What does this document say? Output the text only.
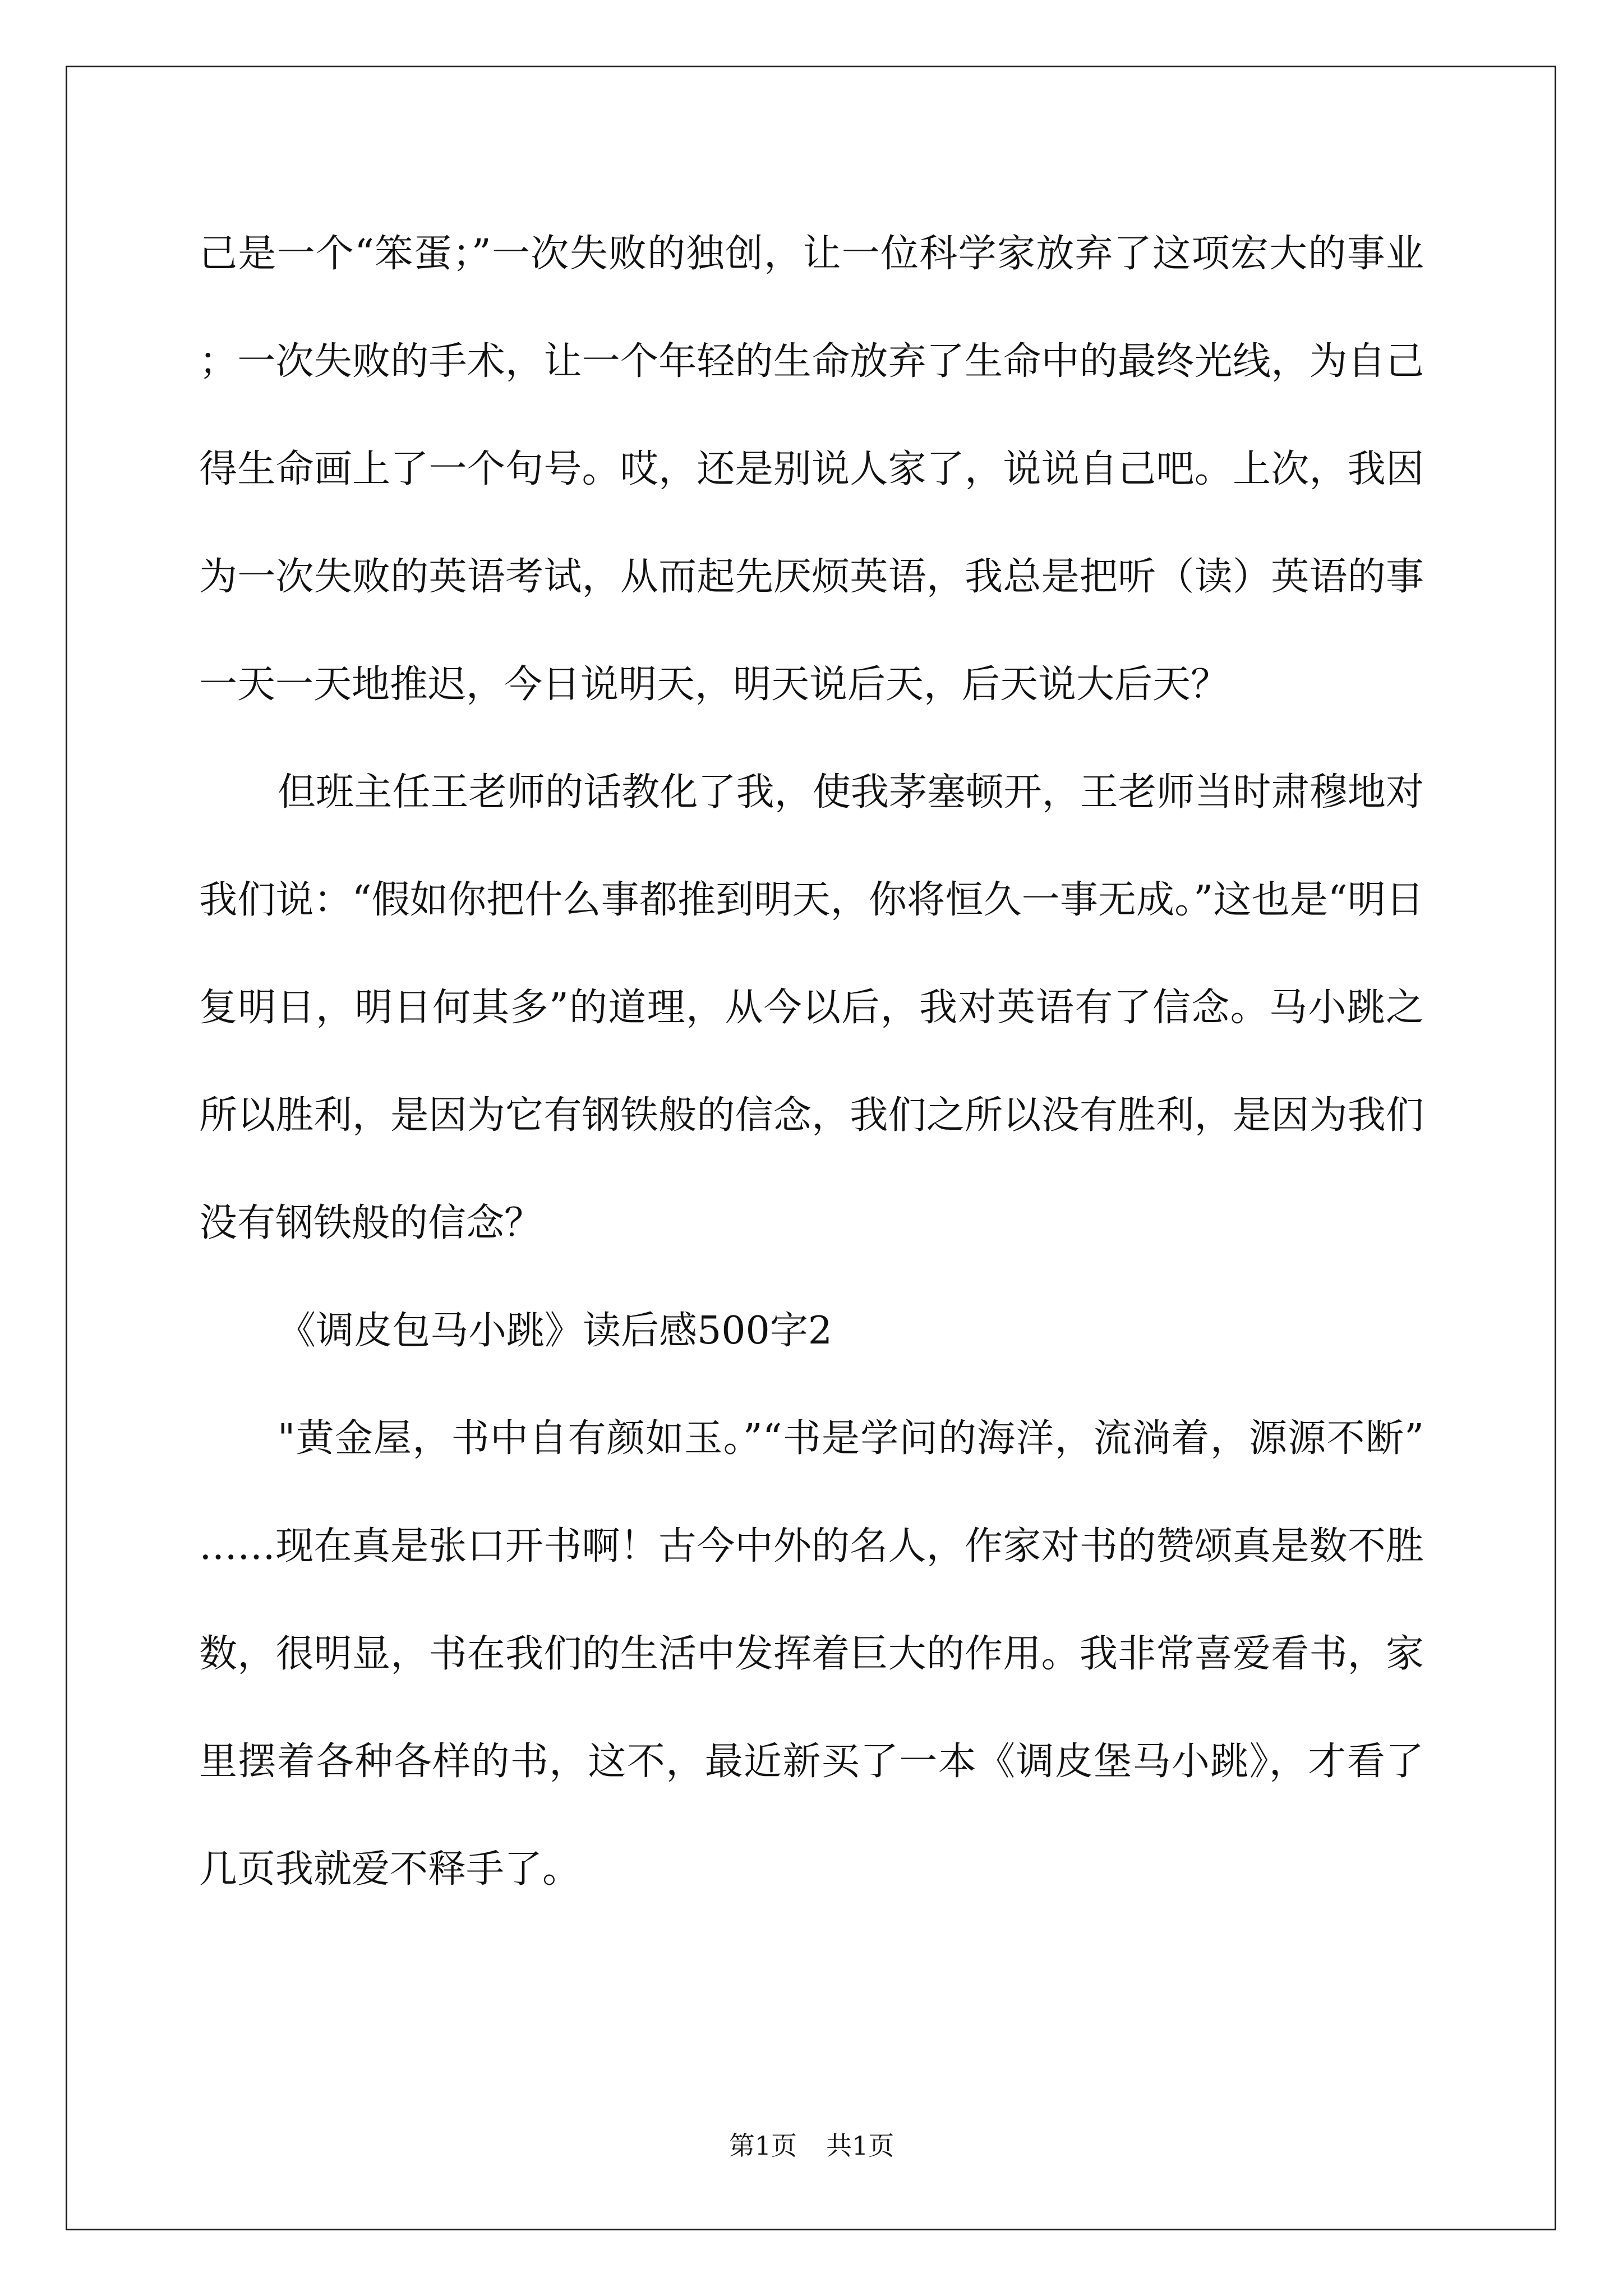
己是一个“笨蛋；”一次失败的独创，让一位科学家放弃了这项宏大的事业；一次失败的手术，让一个年轻的生命放弃了生命中的最终光线，为自己得生命画上了一个句号。哎，还是别说人家了，说说自己吧。上次，我因为一次失败的英语考试，从而起先厌烦英语，我总是把听（读）英语的事一天一天地推迟，今日说明天，明天说后天，后天说大后天？

但班主任王老师的话教化了我，使我茅塞顿开，王老师当时肃穆地对我们说：“假如你把什么事都推到明天，你将恒久一事无成。”这也是“明日复明日，明日何其多”的道理，从今以后，我对英语有了信念。马小跳之所以胜利，是因为它有钢铁般的信念，我们之所以没有胜利，是因为我们没有钢铁般的信念？

《调皮包马小跳》读后感500字2

"黄金屋，书中自有颜如玉。”“书是学问的海洋，流淌着，源源不断”……现在真是张口开书啊！古今中外的名人，作家对书的赞颂真是数不胜数，很明显，书在我们的生活中发挥着巨大的作用。我非常喜爱看书，家里摆着各种各样的书，这不，最近新买了一本《调皮堡马小跳》，才看了几页我就爱不释手了。

第1页 共1页
